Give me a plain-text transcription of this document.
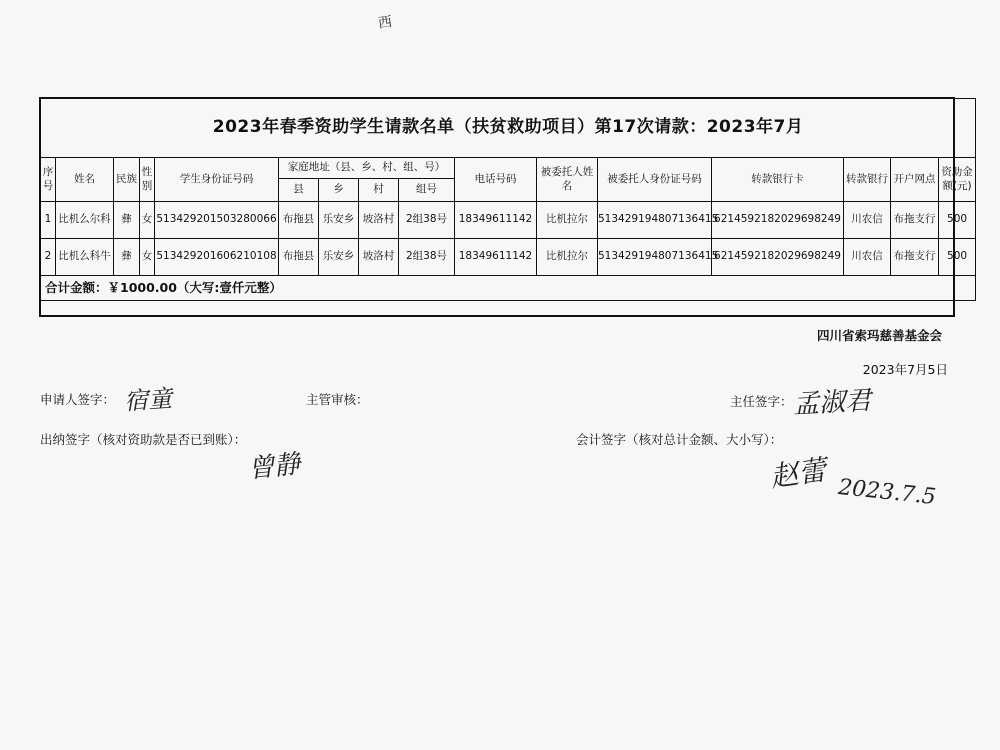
西
2023年春季资助学生请款名单（扶贫救助项目）第17次请款：2023年7月															
序号	姓名	民族	性别	学生身份证号码	家庭地址（县、乡、村、组、号）				电话号码	被委托人姓名	被委托人身份证号码	转款银行卡	转款银行	开户网点	资助金额(元)
					县	乡	村	组号							
1	比机么尔科	彝	女	513429201503280066	布拖县	乐安乡	坡洛村	2组38号	18349611142	比机拉尔	513429194807136415	6214592182029698249	川农信	布拖支行	500
2	比机么科牛	彝	女	513429201606210108	布拖县	乐安乡	坡洛村	2组38号	18349611142	比机拉尔	513429194807136415	6214592182029698249	川农信	布拖支行	500
合计金额：￥1000.00（大写:壹仟元整）															
四川省索玛慈善基金会
2023年7月5日
申请人签字： 宿童	主管审核：	主任签字： 孟淑君
出纳签字（核对资助款是否已到账）：
曾静
会计签字（核对总计金额、大小写）：
赵蕾 2023.7.5
